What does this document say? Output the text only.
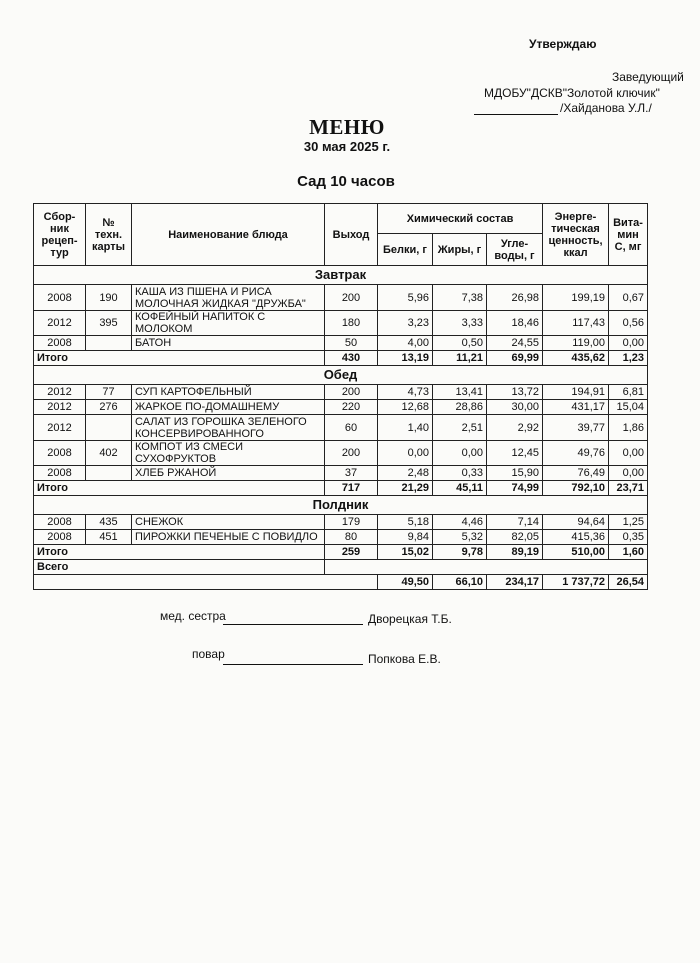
Утверждаю
Заведующий
МДОБУ"ДСКВ"Золотой ключик"
/Хайданова У.Л./
МЕНЮ
30 мая 2025 г.
Сад 10 часов
Сбор-ник рецеп-тур	№ техн. карты	Наименование блюда	Выход	Химический состав			Энерге-тическая ценность, ккал	Вита-мин С, мг
				Белки, г	Жиры, г	Угле-воды, г		
Завтрак								
2008	190	КАША ИЗ ПШЕНА И РИСА МОЛОЧНАЯ ЖИДКАЯ "ДРУЖБА"	200	5,96	7,38	26,98	199,19	0,67
2012	395	КОФЕЙНЫЙ НАПИТОК С МОЛОКОМ	180	3,23	3,33	18,46	117,43	0,56
2008		БАТОН	50	4,00	0,50	24,55	119,00	0,00
Итого			430	13,19	11,21	69,99	435,62	1,23
Обед								
2012	77	СУП КАРТОФЕЛЬНЫЙ	200	4,73	13,41	13,72	194,91	6,81
2012	276	ЖАРКОЕ ПО-ДОМАШНЕМУ	220	12,68	28,86	30,00	431,17	15,04
2012		САЛАТ ИЗ ГОРОШКА ЗЕЛЕНОГО КОНСЕРВИРОВАННОГО	60	1,40	2,51	2,92	39,77	1,86
2008	402	КОМПОТ ИЗ СМЕСИ СУХОФРУКТОВ	200	0,00	0,00	12,45	49,76	0,00
2008		ХЛЕБ РЖАНОЙ	37	2,48	0,33	15,90	76,49	0,00
Итого			717	21,29	45,11	74,99	792,10	23,71
Полдник								
2008	435	СНЕЖОК	179	5,18	4,46	7,14	94,64	1,25
2008	451	ПИРОЖКИ ПЕЧЕНЫЕ С ПОВИДЛО	80	9,84	5,32	82,05	415,36	0,35
Итого			259	15,02	9,78	89,19	510,00	1,60
Всего								
				49,50	66,10	234,17	1 737,72	26,54
мед. сестра	Дворецкая Т.Б.
повар	Попкова Е.В.
